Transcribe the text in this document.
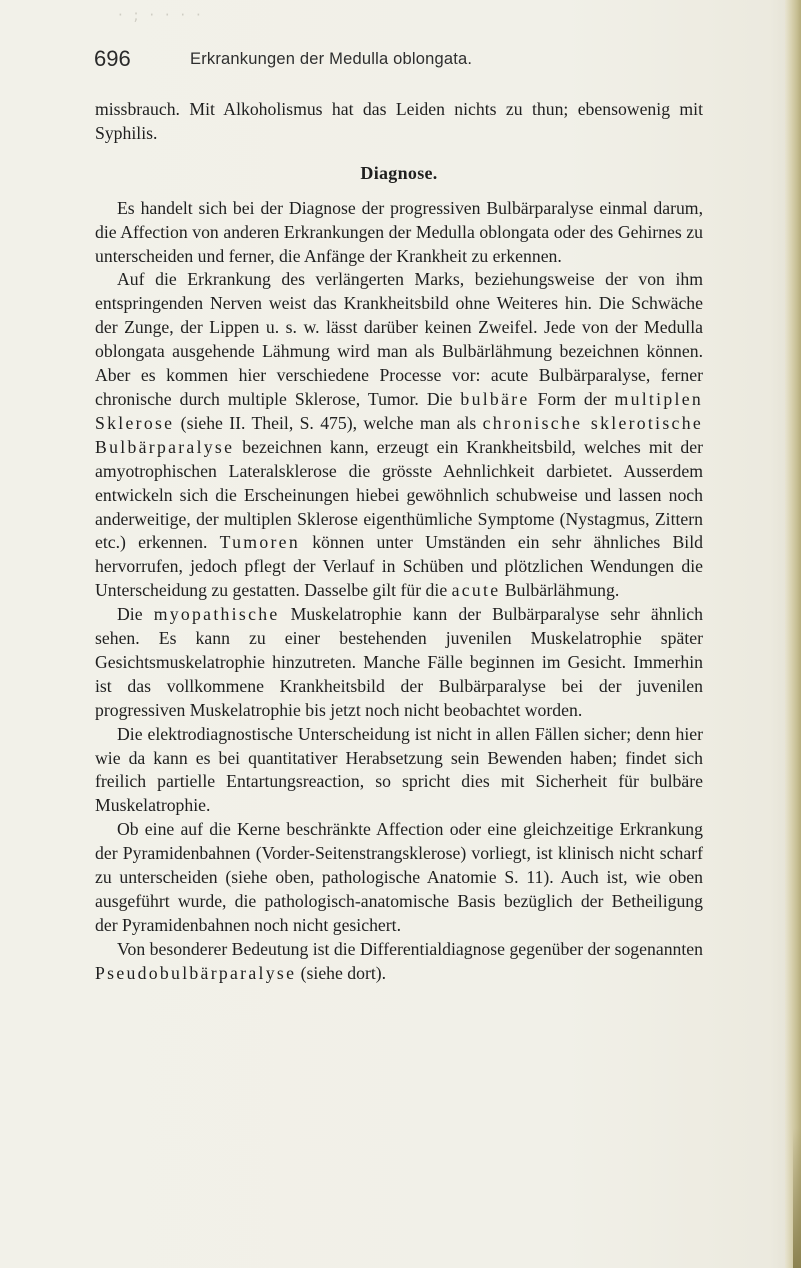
· ; · · · ·
696	Erkrankungen der Medulla oblongata.

missbrauch. Mit Alkoholismus hat das Leiden nichts zu thun; ebensowenig mit Syphilis.

Diagnose.

Es handelt sich bei der Diagnose der progressiven Bulbärparalyse einmal darum, die Affection von anderen Erkrankungen der Medulla oblongata oder des Gehirnes zu unterscheiden und ferner, die Anfänge der Krankheit zu erkennen.

Auf die Erkrankung des verlängerten Marks, beziehungsweise der von ihm entspringenden Nerven weist das Krankheitsbild ohne Weiteres hin. Die Schwäche der Zunge, der Lippen u. s. w. lässt darüber keinen Zweifel. Jede von der Medulla oblongata ausgehende Lähmung wird man als Bulbärlähmung bezeichnen können. Aber es kommen hier verschiedene Processe vor: acute Bulbärparalyse, ferner chronische durch multiple Sklerose, Tumor. Die bulbäre Form der multiplen Sklerose (siehe II. Theil, S. 475), welche man als chronische sklerotische Bulbärparalyse bezeichnen kann, erzeugt ein Krankheitsbild, welches mit der amyotrophischen Lateralsklerose die grösste Aehnlichkeit darbietet. Ausserdem entwickeln sich die Erscheinungen hiebei gewöhnlich schubweise und lassen noch anderweitige, der multiplen Sklerose eigenthümliche Symptome (Nystagmus, Zittern etc.) erkennen. Tumoren können unter Umständen ein sehr ähnliches Bild hervorrufen, jedoch pflegt der Verlauf in Schüben und plötzlichen Wendungen die Unterscheidung zu gestatten. Dasselbe gilt für die acute Bulbärlähmung.

Die myopathische Muskelatrophie kann der Bulbärparalyse sehr ähnlich sehen. Es kann zu einer bestehenden juvenilen Muskelatrophie später Gesichtsmuskelatrophie hinzutreten. Manche Fälle beginnen im Gesicht. Immerhin ist das vollkommene Krankheitsbild der Bulbärparalyse bei der juvenilen progressiven Muskelatrophie bis jetzt noch nicht beobachtet worden.

Die elektrodiagnostische Unterscheidung ist nicht in allen Fällen sicher; denn hier wie da kann es bei quantitativer Herabsetzung sein Bewenden haben; findet sich freilich partielle Entartungsreaction, so spricht dies mit Sicherheit für bulbäre Muskelatrophie.

Ob eine auf die Kerne beschränkte Affection oder eine gleichzeitige Erkrankung der Pyramidenbahnen (Vorder-Seitenstrangsklerose) vorliegt, ist klinisch nicht scharf zu unterscheiden (siehe oben, pathologische Anatomie S. 11). Auch ist, wie oben ausgeführt wurde, die pathologisch-anatomische Basis bezüglich der Betheiligung der Pyramidenbahnen noch nicht gesichert.

Von besonderer Bedeutung ist die Differentialdiagnose gegenüber der sogenannten Pseudobulbärparalyse (siehe dort).
